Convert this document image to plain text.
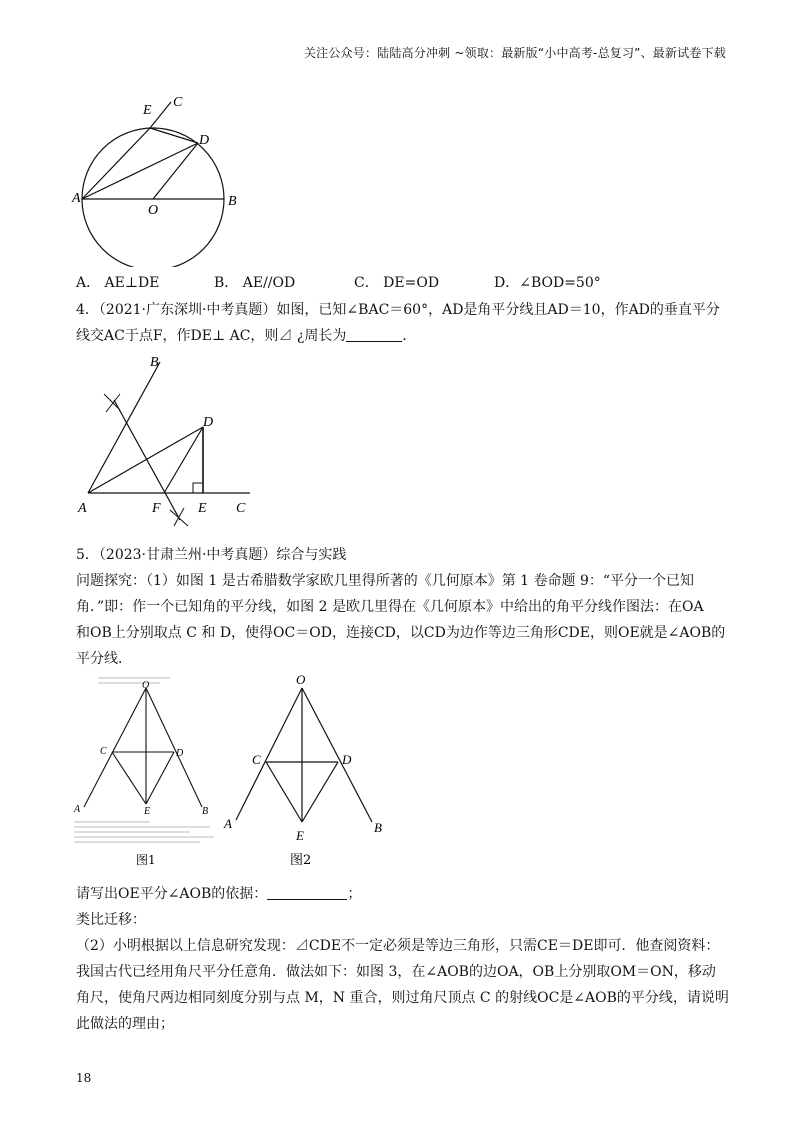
关注公众号：陆陆高分冲刺 ~领取：最新版“小中高考-总复习”、最新试卷下载
E
C
D
A
O
B
A． AE⊥DE	B． AE//OD	C． DE=OD	D．∠BOD=50°
4．（2021·广东深圳·中考真题）如图，已知∠BAC＝60°，AD是角平分线且AD＝10，作AD的垂直平分
线交AC于点F，作DE⊥ AC，则⊿ ¿周长为	．
B
D
A	F	E C
5．（2023·甘肃兰州·中考真题）综合与实践
问题探究：（1）如图 1 是古希腊数学家欧几里得所著的《几何原本》第 1 卷命题 9：“平分一个已知
角．”即：作一个已知角的平分线，如图 2 是欧几里得在《几何原本》中给出的角平分线作图法：在OA
和OB上分别取点 C 和 D，使得OC＝OD，连接CD，以CD为边作等边三角形CDE，则OE就是∠AOB的
平分线．
O
C	D
A	E	B
图1
O
C	D
A
E
B
图2
请写出OE平分∠AOB的依据：	；
类比迁移：
（2）小明根据以上信息研究发现：⊿CDE不一定必须是等边三角形，只需CE＝DE即可．他查阅资料：
我国古代已经用角尺平分任意角．做法如下：如图 3，在∠AOB的边OA，OB上分别取OM＝ON，移动
角尺，使角尺两边相同刻度分别与点 M，N 重合，则过角尺顶点 C 的射线OC是∠AOB的平分线，请说明
此做法的理由；
18
